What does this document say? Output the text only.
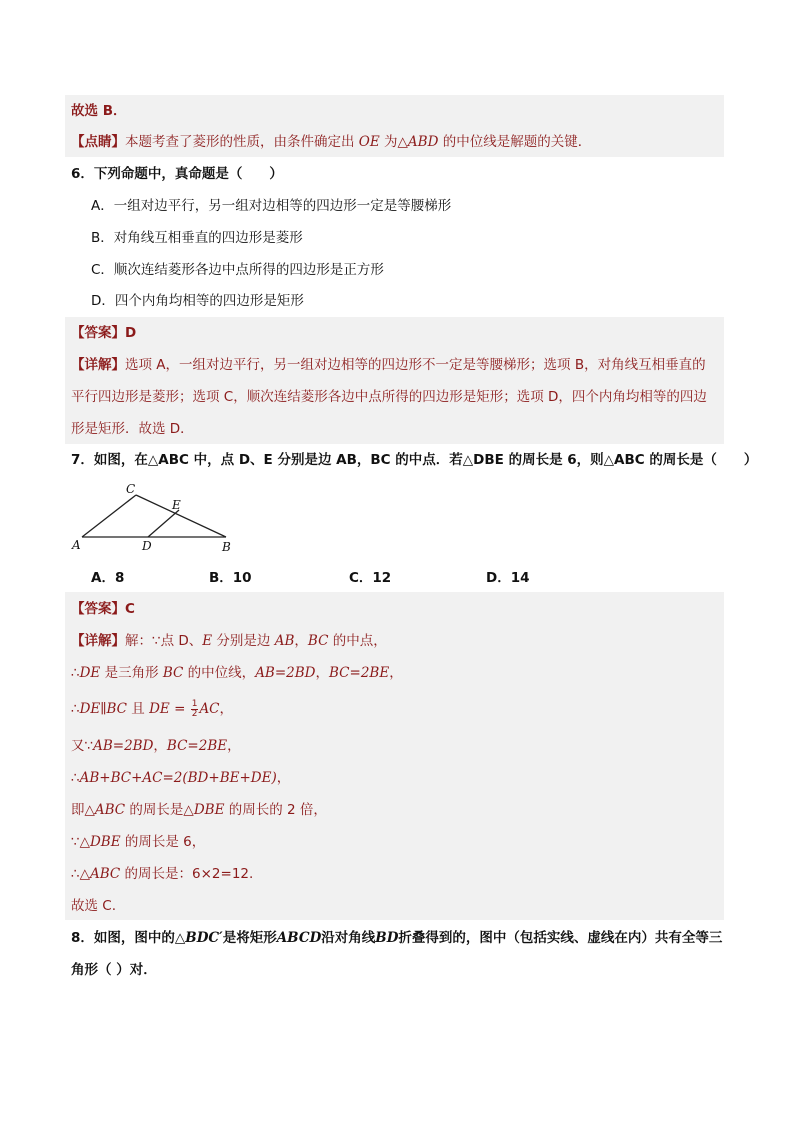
故选 B．
【点睛】本题考查了菱形的性质，由条件确定出 OE 为△ABD 的中位线是解题的关键．
6．下列命题中，真命题是（　　）
A．一组对边平行，另一组对边相等的四边形一定是等腰梯形
B．对角线互相垂直的四边形是菱形
C．顺次连结菱形各边中点所得的四边形是正方形
D．四个内角均相等的四边形是矩形
【答案】D
【详解】选项 A，一组对边平行，另一组对边相等的四边形不一定是等腰梯形；选项 B，对角线互相垂直的
平行四边形是菱形；选项 C，顺次连结菱形各边中点所得的四边形是矩形；选项 D，四个内角均相等的四边
形是矩形．故选 D．
7．如图，在△ABC 中，点 D、E 分别是边 AB，BC 的中点．若△DBE 的周长是 6，则△ABC 的周长是（　　）
A	B
C
D
E
A．8	B．10	C．12	D．14
【答案】C
【详解】解：∵点 D、E 分别是边 AB，BC 的中点，
∴DE 是三角形 BC 的中位线，AB=2BD，BC=2BE，
∴DE∥BC 且 DE = $\frac{1}{2}$ AC，
又∵AB=2BD，BC=2BE，
∴AB+BC+AC=2(BD+BE+DE)，
即△ABC 的周长是△DBE 的周长的 2 倍，
∵△DBE 的周长是 6，
∴△ABC 的周长是：6×2=12.
故选 C.
8．如图，图中的△BDC′是将矩形ABCD沿对角线BD折叠得到的，图中（包括实线、虚线在内）共有全等三
角形（ ）对．
